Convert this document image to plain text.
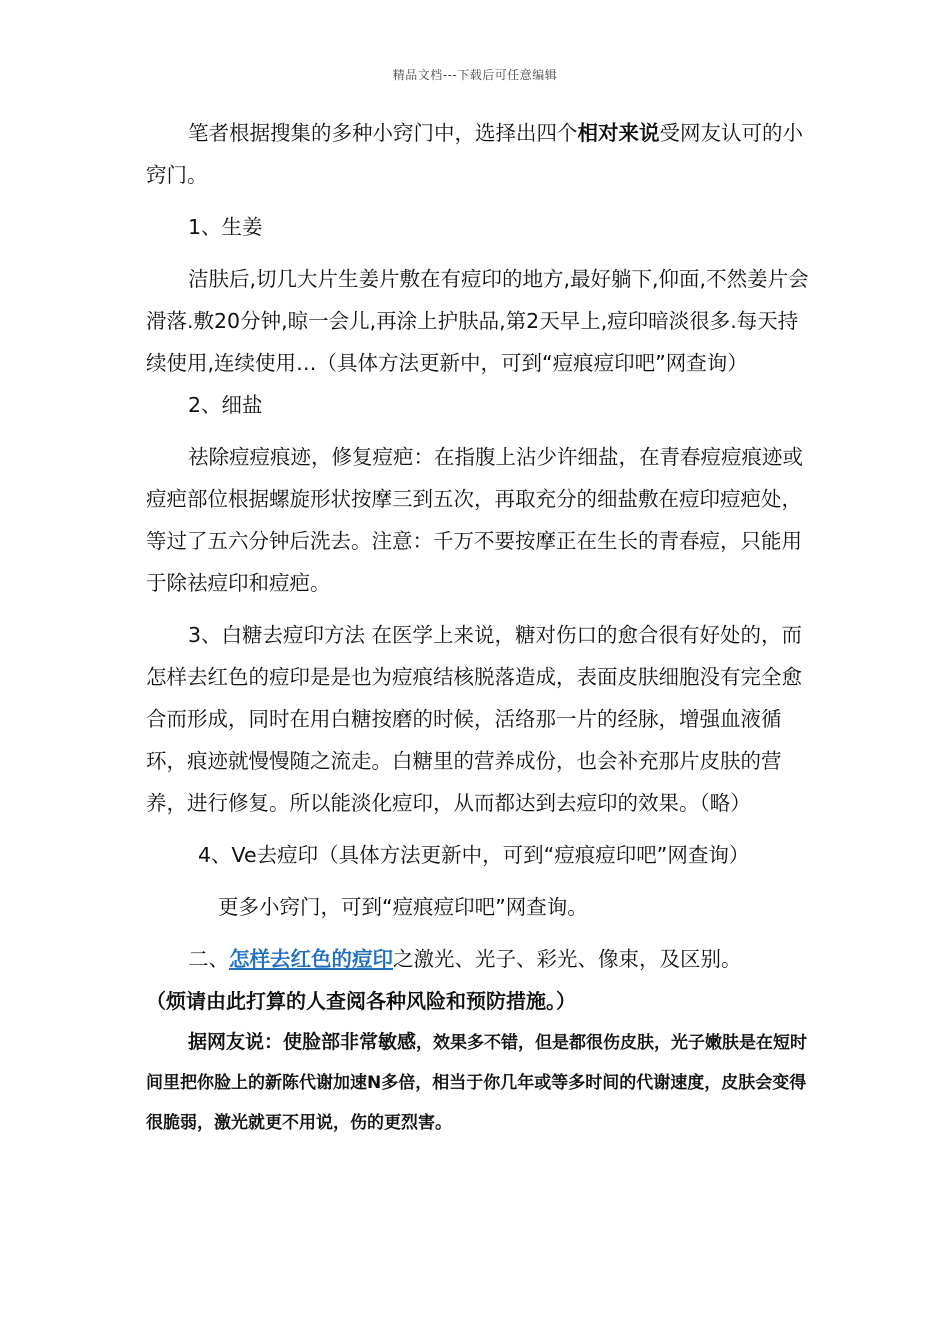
精品文档---下载后可任意编辑

笔者根据搜集的多种小窍门中，选择出四个相对来说受网友认可的小窍门。

1、生姜

洁肤后,切几大片生姜片敷在有痘印的地方,最好躺下,仰面,不然姜片会滑落.敷20分钟,晾一会儿,再涂上护肤品,第2天早上,痘印暗淡很多.每天持续使用,连续使用…（具体方法更新中，可到“痘痕痘印吧”网查询）

2、细盐

祛除痘痘痕迹，修复痘疤：在指腹上沾少许细盐，在青春痘痘痕迹或痘疤部位根据螺旋形状按摩三到五次，再取充分的细盐敷在痘印痘疤处，等过了五六分钟后洗去。注意：千万不要按摩正在生长的青春痘，只能用于除祛痘印和痘疤。

3、白糖去痘印方法 在医学上来说，糖对伤口的愈合很有好处的，而怎样去红色的痘印是是也为痘痕结核脱落造成，表面皮肤细胞没有完全愈合而形成，同时在用白糖按磨的时候，活络那一片的经脉，增强血液循环，痕迹就慢慢随之流走。白糖里的营养成份，也会补充那片皮肤的营养，进行修复。所以能淡化痘印，从而都达到去痘印的效果。（略）

4、Ve去痘印（具体方法更新中，可到“痘痕痘印吧”网查询）

更多小窍门，可到“痘痕痘印吧”网查询。

二、怎样去红色的痘印之激光、光子、彩光、像束，及区别。

（烦请由此打算的人查阅各种风险和预防措施。）

据网友说：使脸部非常敏感，效果多不错，但是都很伤皮肤，光子嫩肤是在短时间里把你脸上的新陈代谢加速N多倍，相当于你几年或等多时间的代谢速度，皮肤会变得很脆弱，激光就更不用说，伤的更烈害。
